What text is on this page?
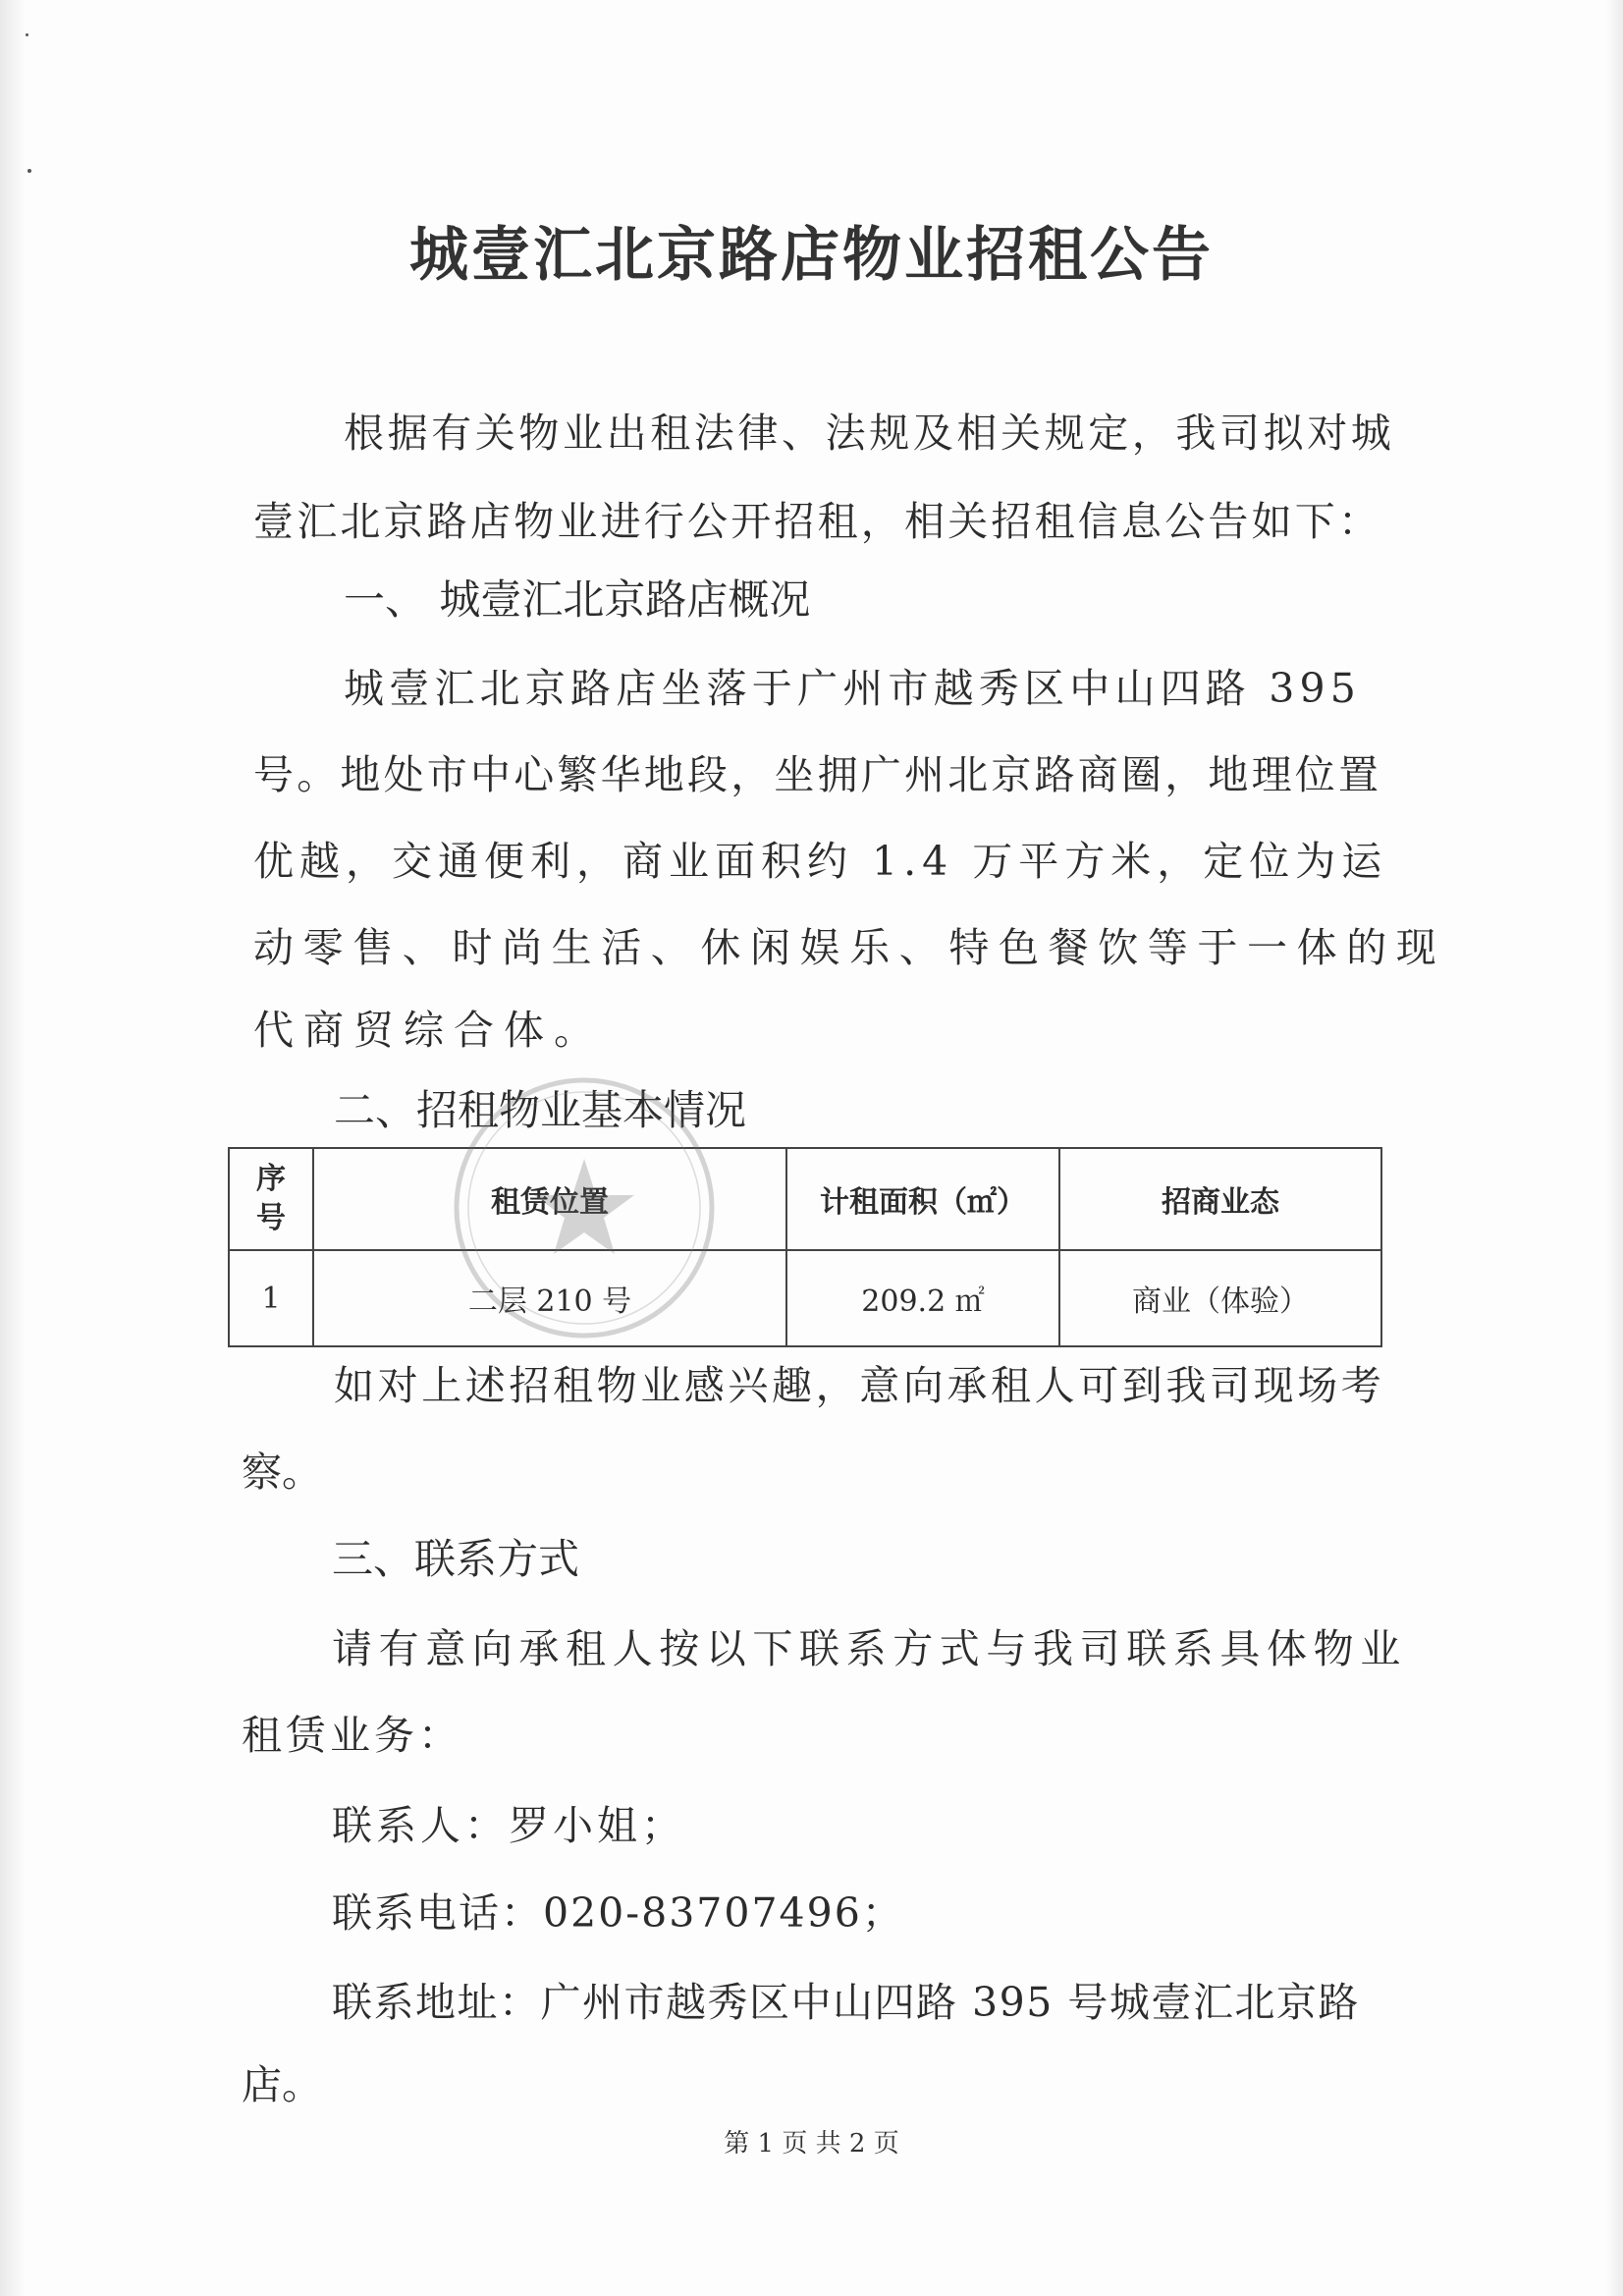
城壹汇北京路店物业招租公告
根据有关物业出租法律、法规及相关规定，我司拟对城
壹汇北京路店物业进行公开招租，相关招租信息公告如下：
一、 城壹汇北京路店概况
城壹汇北京路店坐落于广州市越秀区中山四路 395
号。地处市中心繁华地段，坐拥广州北京路商圈，地理位置
优越，交通便利，商业面积约 1.4 万平方米，定位为运
动零售、时尚生活、休闲娱乐、特色餐饮等于一体的现
代商贸综合体。
二、招租物业基本情况
序
号	租赁位置	计租面积（㎡）	招商业态
1	二层 210 号	209.2 ㎡	商业（体验）
如对上述招租物业感兴趣，意向承租人可到我司现场考
察。
三、联系方式
请有意向承租人按以下联系方式与我司联系具体物业
租赁业务：
联系人：罗小姐；
联系电话：020-83707496；
联系地址：广州市越秀区中山四路 395 号城壹汇北京路
店。
第 1 页 共 2 页
